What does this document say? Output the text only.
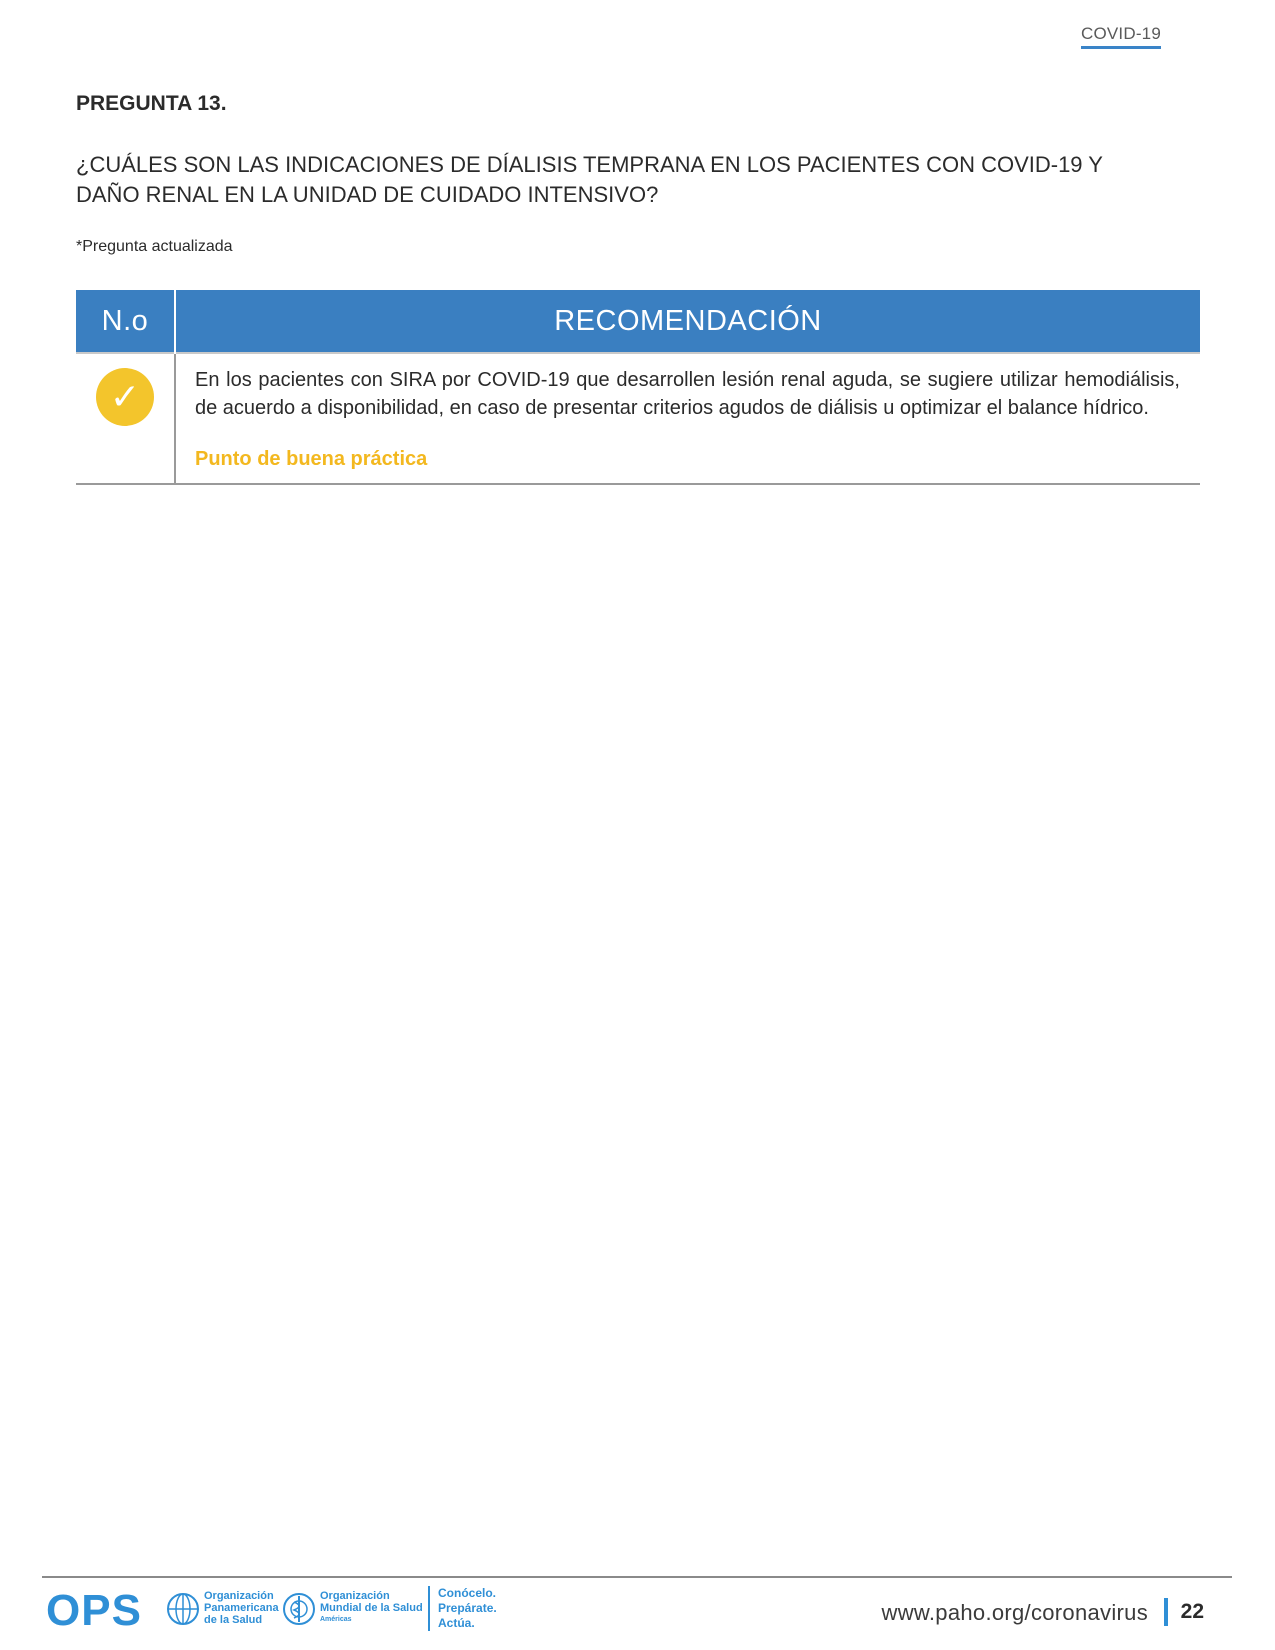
COVID-19
PREGUNTA 13.
¿CUÁLES SON LAS INDICACIONES DE DÍALISIS TEMPRANA EN LOS PACIENTES CON COVID-19 Y
DAÑO RENAL EN LA UNIDAD DE CUIDADO INTENSIVO?
*Pregunta actualizada
N.o	RECOMENDACIÓN
✓	En los pacientes con SIRA por COVID-19 que desarrollen lesión renal aguda, se sugiere utilizar hemodiálisis, de acuerdo a disponibilidad, en caso de presentar criterios agudos de diálisis u optimizar el balance hídrico.

Punto de buena práctica
OPS	Organización
Panamericana
de la Salud
Organización
Mundial de la Salud
Américas
Conócelo.
Prepárate.
Actúa.	www.paho.org/coronavirus 22
